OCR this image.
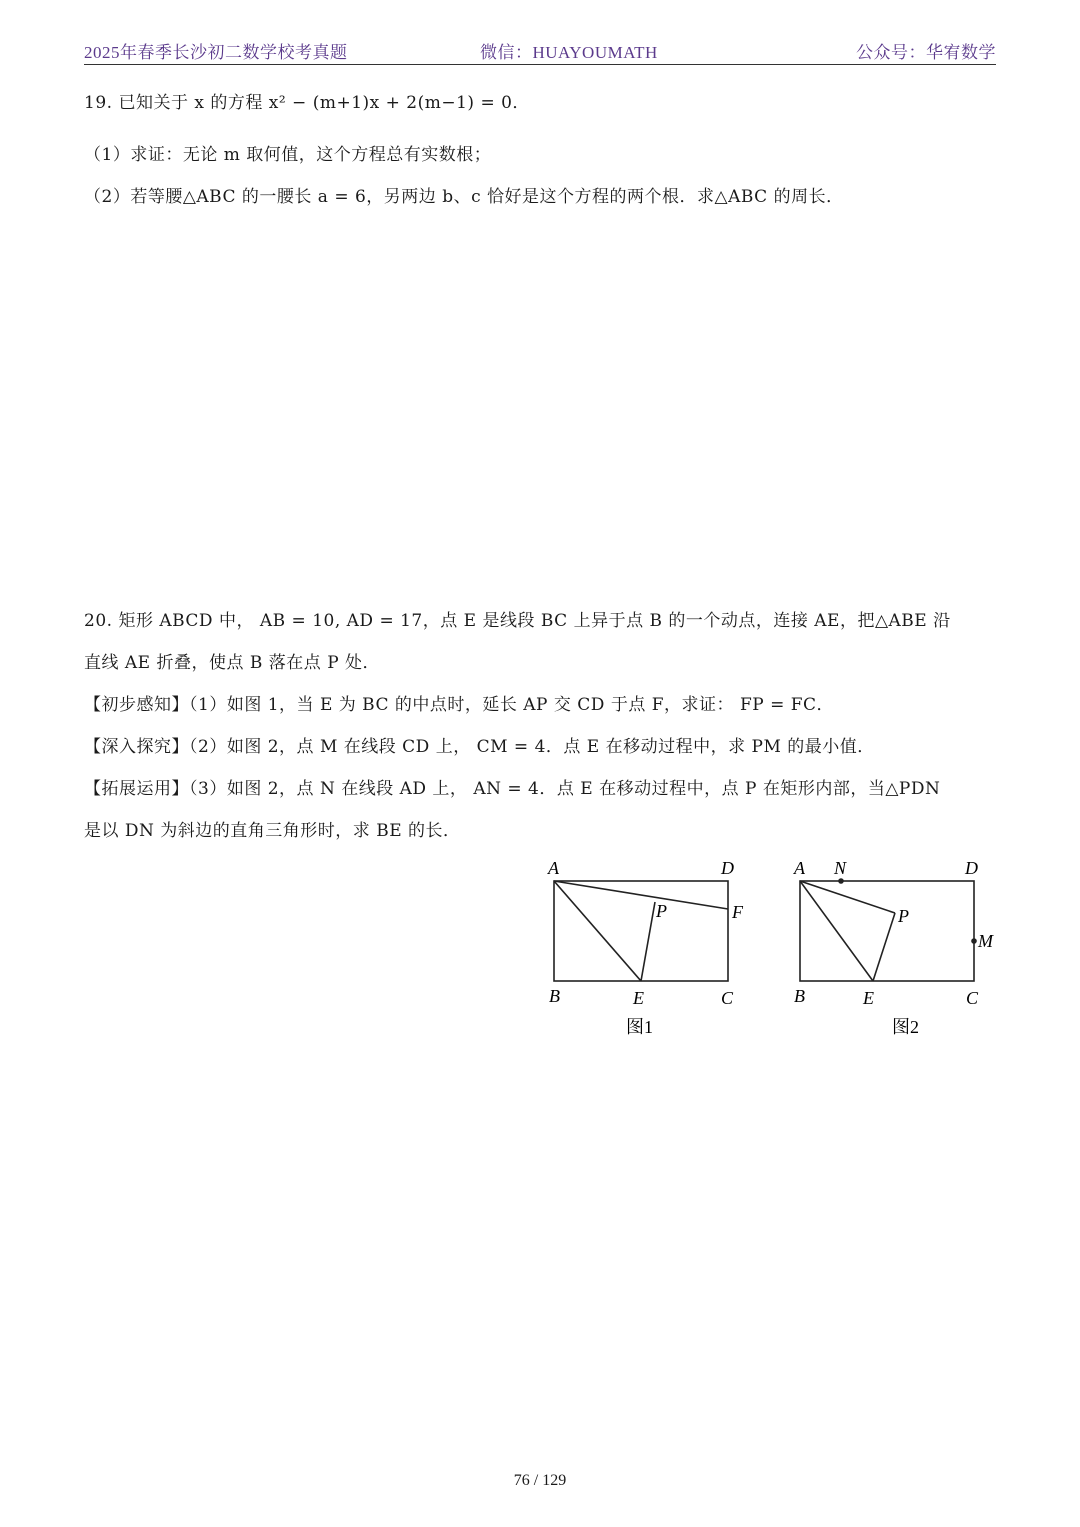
2025年春季长沙初二数学校考真题	微信：HUAYOUMATH	公众号：华宥数学
19. 已知关于 x 的方程 x² − (m+1)x + 2(m−1) = 0．
（1）求证：无论 m 取何值，这个方程总有实数根；
（2）若等腰△ABC 的一腰长 a = 6，另两边 b、c 恰好是这个方程的两个根．求△ABC 的周长．
20. 矩形 ABCD 中， AB = 10, AD = 17，点 E 是线段 BC 上异于点 B 的一个动点，连接 AE，把△ABE 沿
直线 AE 折叠，使点 B 落在点 P 处．
【初步感知】（1）如图 1，当 E 为 BC 的中点时，延长 AP 交 CD 于点 F，求证： FP = FC．
【深入探究】（2）如图 2，点 M 在线段 CD 上， CM = 4．点 E 在移动过程中，求 PM 的最小值．
【拓展运用】（3）如图 2，点 N 在线段 AD 上， AN = 4．点 E 在移动过程中，点 P 在矩形内部，当△PDN
是以 DN 为斜边的直角三角形时，求 BE 的长．
A	D
B	C
E
P	F
图1
A N	D
B	C
E
P
M
图2
76 / 129
